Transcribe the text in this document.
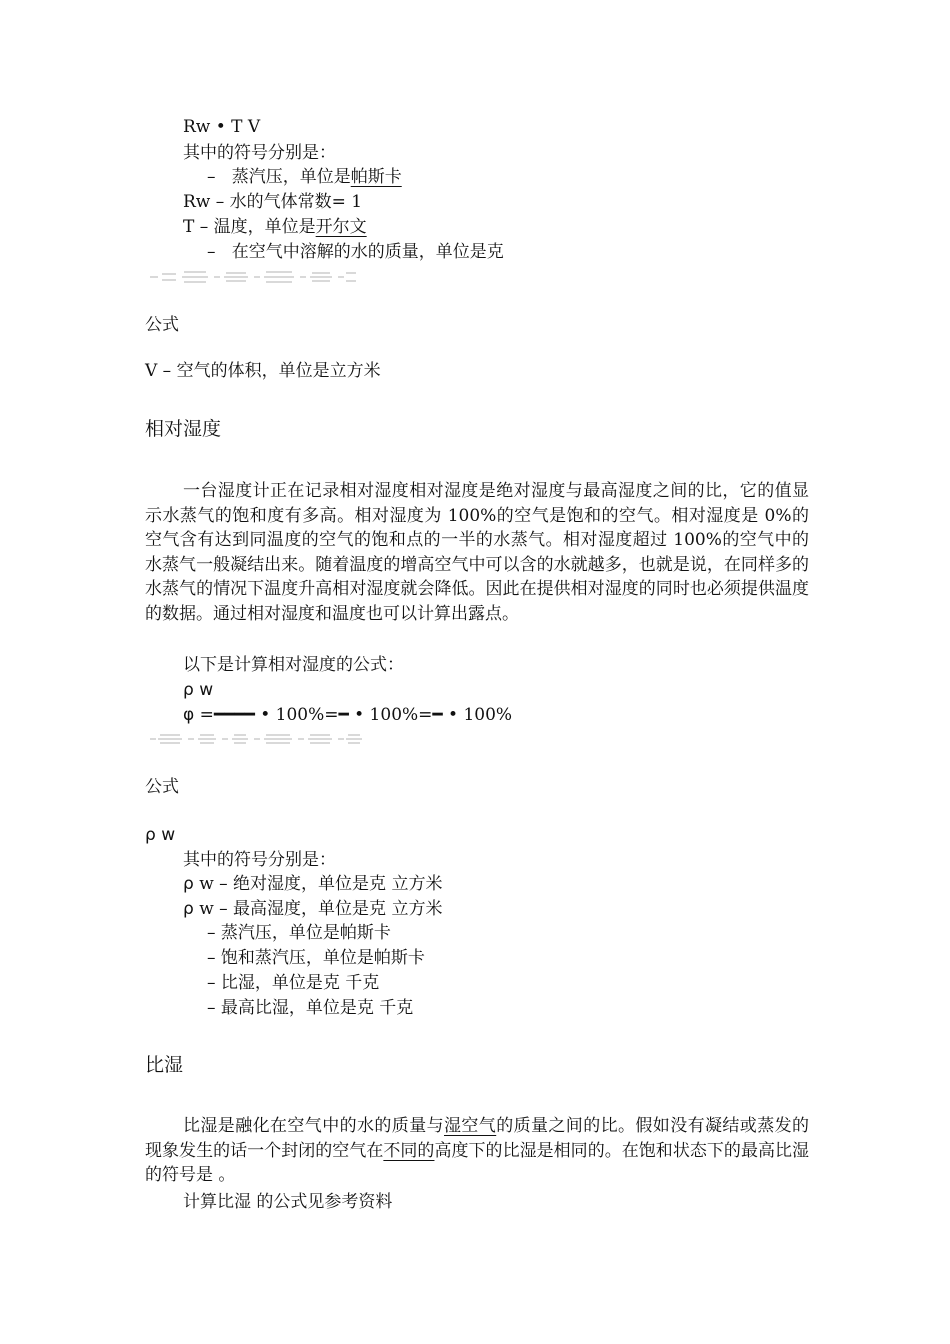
Rw • T V
其中的符号分别是：
– 蒸汽压，单位是帕斯卡
Rw – 水的气体常数= 1
T – 温度，单位是开尔文
– 在空气中溶解的水的质量，单位是克
公式
V – 空气的体积，单位是立方米
相对湿度
一台湿度计正在记录相对湿度相对湿度是绝对湿度与最高湿度之间的比，它的值显示水蒸气的饱和度有多高。相对湿度为 100%的空气是饱和的空气。相对湿度是 0%的空气含有达到同温度的空气的饱和点的一半的水蒸气。相对湿度超过 100%的空气中的水蒸气一般凝结出来。随着温度的增高空气中可以含的水就越多，也就是说，在同样多的水蒸气的情况下温度升高相对湿度就会降低。因此在提供相对湿度的同时也必须提供温度的数据。通过相对湿度和温度也可以计算出露点。
以下是计算相对湿度的公式：
ρ w
φ =━━━━ • 100%=━ • 100%=━ • 100%
公式
ρ w
其中的符号分别是：
ρ w – 绝对湿度，单位是克 立方米
ρ w – 最高湿度，单位是克 立方米
– 蒸汽压，单位是帕斯卡
– 饱和蒸汽压，单位是帕斯卡
– 比湿，单位是克 千克
– 最高比湿，单位是克 千克
比湿
比湿是融化在空气中的水的质量与湿空气的质量之间的比。假如没有凝结或蒸发的现象发生的话一个封闭的空气在不同的高度下的比湿是相同的。在饱和状态下的最高比湿的符号是 。
计算比湿 的公式见参考资料
